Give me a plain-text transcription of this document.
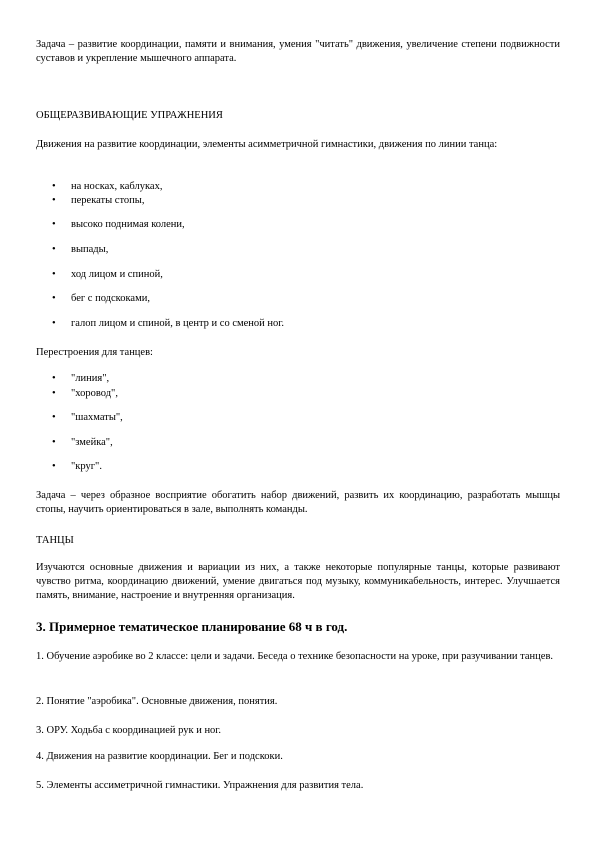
Задача – развитие координации, памяти и внимания, умения "читать" движения, увеличение степени подвижности суставов и укрепление мышечного аппарата.

ОБЩЕРАЗВИВАЮЩИЕ УПРАЖНЕНИЯ

Движения на развитие координации, элементы асимметричной гимнастики, движения по линии танца:

• на носках, каблуках,
• перекаты стопы,
• высоко поднимая колени,
• выпады,
• ход лицом и спиной,
• бег с подскоками,
• галоп лицом и спиной, в центр и со сменой ног.

Перестроения для танцев:

• "линия",
• "хоровод",
• "шахматы",
• "змейка",
• "круг".

Задача – через образное восприятие обогатить набор движений, развить их координацию, разработать мышцы стопы, научить ориентироваться в зале, выполнять команды.

ТАНЦЫ

Изучаются основные движения и вариации из них, а также некоторые популярные танцы, которые развивают чувство ритма, координацию движений, умение двигаться под музыку, коммуникабельность, интерес. Улучшается память, внимание, настроение и внутренняя организация.

3. Примерное тематическое планирование 68 ч в год.

1. Обучение аэробике во 2 классе: цели и задачи. Беседа о технике безопасности на уроке, при разучивании танцев.

2. Понятие "аэробика". Основные движения, понятия.

3. ОРУ. Ходьба с координацией рук и ног.

4. Движения на развитие координации. Бег и подскоки.

5. Элементы ассиметричной гимнастики. Упражнения для развития тела.
